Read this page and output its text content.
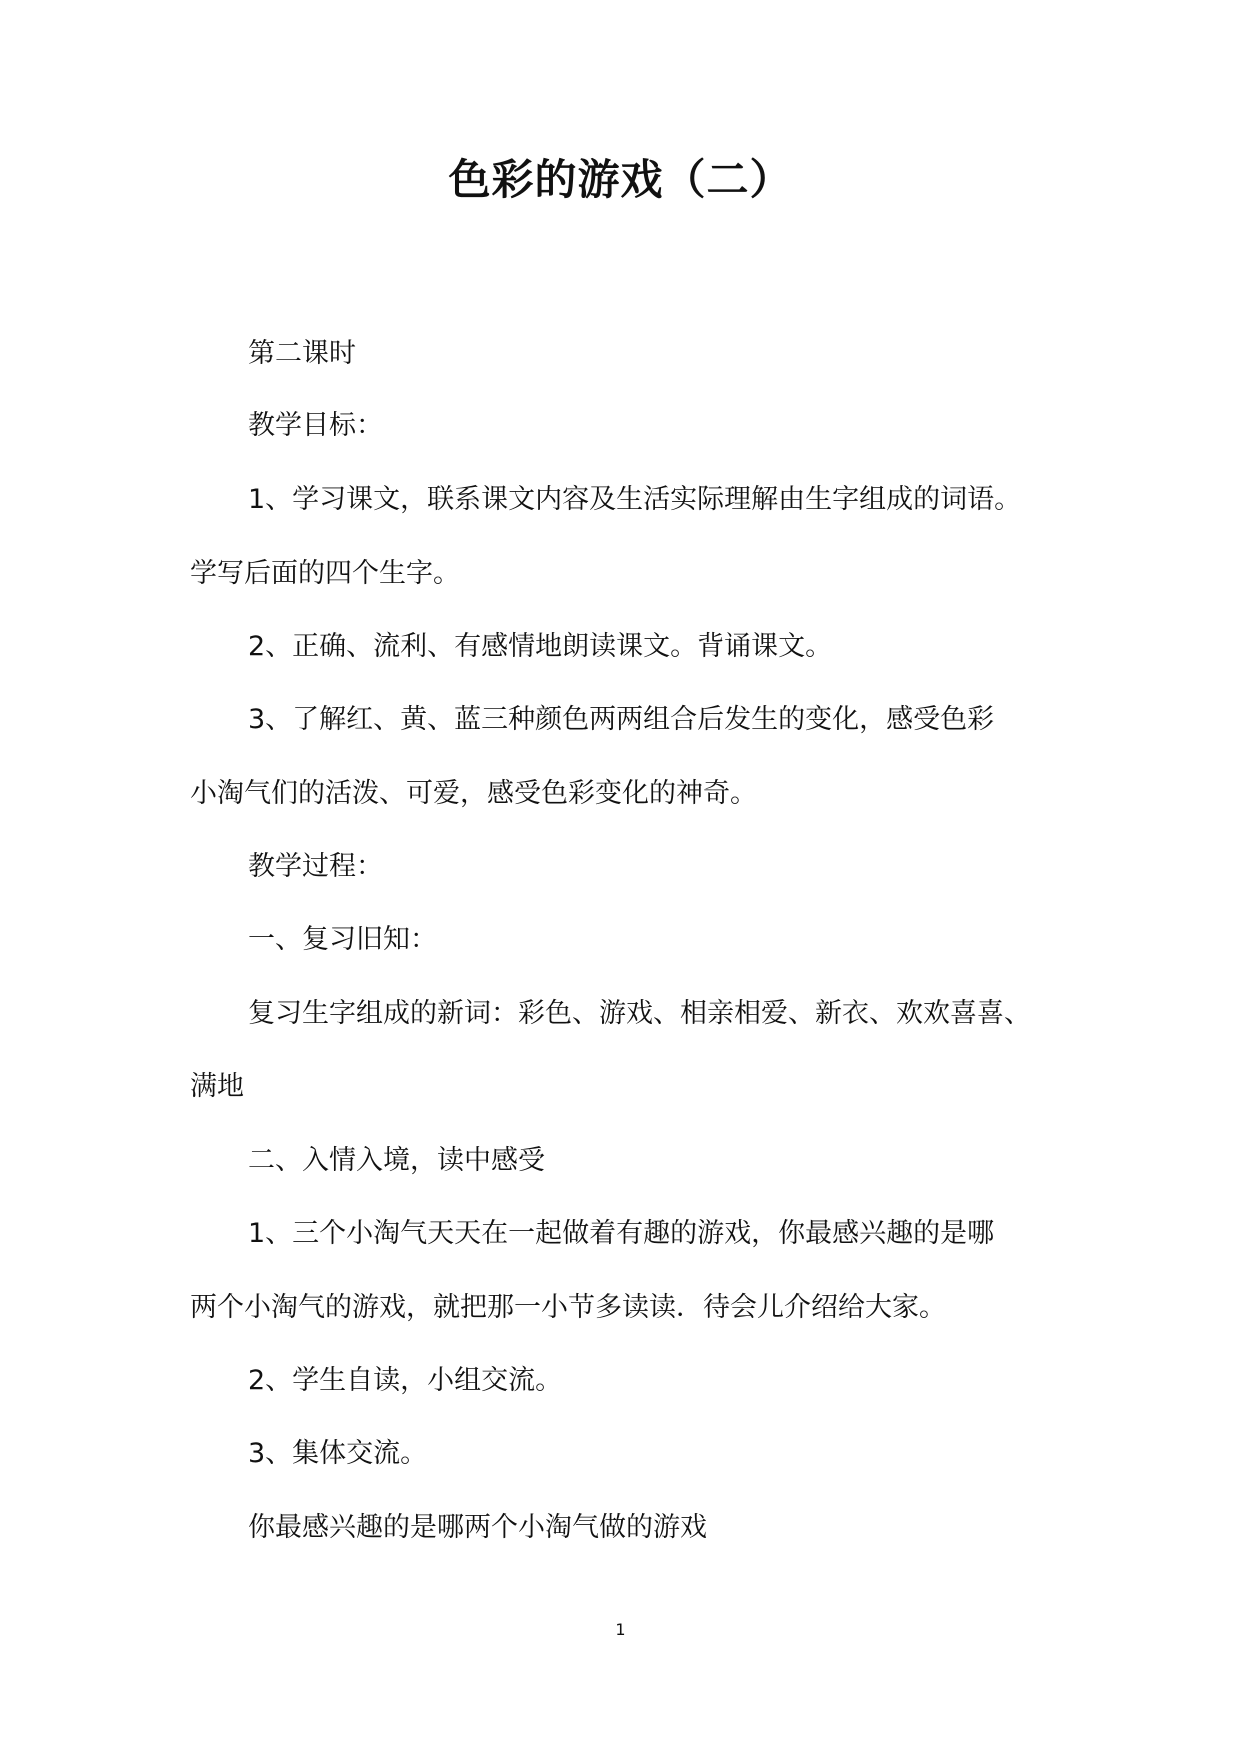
色彩的游戏（二）
第二课时
教学目标：
1、学习课文，联系课文内容及生活实际理解由生字组成的词语。
学写后面的四个生字。
2、正确、流利、有感情地朗读课文。背诵课文。
3、了解红、黄、蓝三种颜色两两组合后发生的变化，感受色彩
小淘气们的活泼、可爱，感受色彩变化的神奇。
教学过程：
一、复习旧知：
复习生字组成的新词：彩色、游戏、相亲相爱、新衣、欢欢喜喜、
满地
二、入情入境，读中感受
1、三个小淘气天天在一起做着有趣的游戏，你最感兴趣的是哪
两个小淘气的游戏，就把那一小节多读读．待会儿介绍给大家。
2、学生自读，小组交流。
3、集体交流。
你最感兴趣的是哪两个小淘气做的游戏
1
